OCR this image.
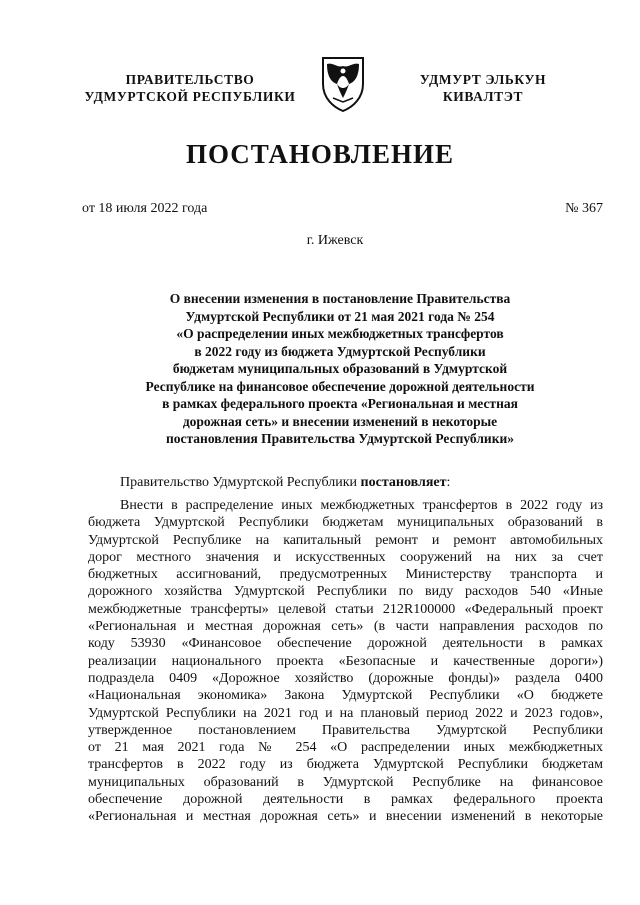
ПРАВИТЕЛЬСТВО
УДМУРТСКОЙ РЕСПУБЛИКИ
УДМУРТ ЭЛЬКУН
КИВАЛТЭТ
ПОСТАНОВЛЕНИЕ
от 18 июля 2022 года	№ 367
г. Ижевск
О внесении изменения в постановление Правительства
Удмуртской Республики от 21 мая 2021 года № 254
«О распределении иных межбюджетных трансфертов
в 2022 году из бюджета Удмуртской Республики
бюджетам муниципальных образований в Удмуртской
Республике на финансовое обеспечение дорожной деятельности
в рамках федерального проекта «Региональная и местная
дорожная сеть» и внесении изменений в некоторые
постановления Правительства Удмуртской Республики»
Правительство Удмуртской Республики постановляет:
Внести в распределение иных межбюджетных трансфертов в 2022 году из
бюджета Удмуртской Республики бюджетам муниципальных образований в
Удмуртской Республике на капитальный ремонт и ремонт автомобильных
дорог местного значения и искусственных сооружений на них за счет
бюджетных ассигнований, предусмотренных Министерству транспорта и
дорожного хозяйства Удмуртской Республики по виду расходов 540 «Иные
межбюджетные трансферты» целевой статьи 212R100000 «Федеральный проект
«Региональная и местная дорожная сеть» (в части направления расходов по
коду 53930 «Финансовое обеспечение дорожной деятельности в рамках
реализации национального проекта «Безопасные и качественные дороги»)
подраздела 0409 «Дорожное хозяйство (дорожные фонды)» раздела 0400
«Национальная экономика» Закона Удмуртской Республики «О бюджете
Удмуртской Республики на 2021 год и на плановый период 2022 и 2023 годов»,
утвержденное постановлением Правительства Удмуртской Республики
от 21 мая 2021 года № 254 «О распределении иных межбюджетных
трансфертов в 2022 году из бюджета Удмуртской Республики бюджетам
муниципальных образований в Удмуртской Республике на финансовое
обеспечение дорожной деятельности в рамках федерального проекта
«Региональная и местная дорожная сеть» и внесении изменений в некоторые
